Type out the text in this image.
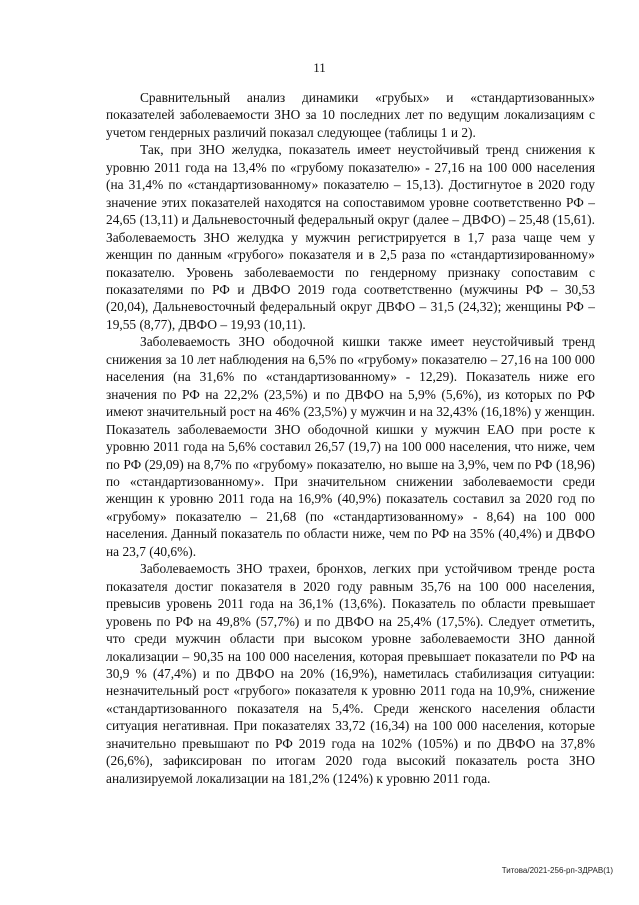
11

Сравнительный анализ динамики «грубых» и «стандартизованных» показателей заболеваемости ЗНО за 10 последних лет по ведущим локализациям с учетом гендерных различий показал следующее (таблицы 1 и 2).

Так, при ЗНО желудка, показатель имеет неустойчивый тренд снижения к уровню 2011 года на 13,4% по «грубому показателю» - 27,16 на 100 000 населения (на 31,4% по «стандартизованному» показателю – 15,13). Достигнутое в 2020 году значение этих показателей находятся на сопоставимом уровне соответственно РФ – 24,65 (13,11) и Дальневосточный федеральный округ (далее – ДВФО) – 25,48 (15,61). Заболеваемость ЗНО желудка у мужчин регистрируется в 1,7 раза чаще чем у женщин по данным «грубого» показателя и в 2,5 раза по «стандартизированному» показателю. Уровень заболеваемости по гендерному признаку сопоставим с показателями по РФ и ДВФО 2019 года соответственно (мужчины РФ – 30,53 (20,04), Дальневосточный федеральный округ ДВФО – 31,5 (24,32); женщины РФ – 19,55 (8,77), ДВФО – 19,93 (10,11).

Заболеваемость ЗНО ободочной кишки также имеет неустойчивый тренд снижения за 10 лет наблюдения на 6,5% по «грубому» показателю – 27,16 на 100 000 населения (на 31,6% по «стандартизованному» - 12,29). Показатель ниже его значения по РФ на 22,2% (23,5%) и по ДВФО на 5,9% (5,6%), из которых по РФ имеют значительный рост на 46% (23,5%) у мужчин и на 32,43% (16,18%) у женщин. Показатель заболеваемости ЗНО ободочной кишки у мужчин ЕАО при росте к уровню 2011 года на 5,6% составил 26,57 (19,7) на 100 000 населения, что ниже, чем по РФ (29,09) на 8,7% по «грубому» показателю, но выше на 3,9%, чем по РФ (18,96) по «стандартизованному». При значительном снижении заболеваемости среди женщин к уровню 2011 года на 16,9% (40,9%) показатель составил за 2020 год по «грубому» показателю – 21,68 (по «стандартизованному» - 8,64) на 100 000 населения. Данный показатель по области ниже, чем по РФ на 35% (40,4%) и ДВФО на 23,7 (40,6%).

Заболеваемость ЗНО трахеи, бронхов, легких при устойчивом тренде роста показателя достиг показателя в 2020 году равным 35,76 на 100 000 населения, превысив уровень 2011 года на 36,1% (13,6%). Показатель по области превышает уровень по РФ на 49,8% (57,7%) и по ДВФО на 25,4% (17,5%). Следует отметить, что среди мужчин области при высоком уровне заболеваемости ЗНО данной локализации – 90,35 на 100 000 населения, которая превышает показатели по РФ на 30,9 % (47,4%) и по ДВФО на 20% (16,9%), наметилась стабилизация ситуации: незначительный рост «грубого» показателя к уровню 2011 года на 10,9%, снижение «стандартизованного показателя на 5,4%. Среди женского населения области ситуация негативная. При показателях 33,72 (16,34) на 100 000 населения, которые значительно превышают по РФ 2019 года на 102% (105%) и по ДВФО на 37,8% (26,6%), зафиксирован по итогам 2020 года высокий показатель роста ЗНО анализируемой локализации на 181,2% (124%) к уровню 2011 года.

Титова/2021-256-рп-ЗДРАВ(1)
